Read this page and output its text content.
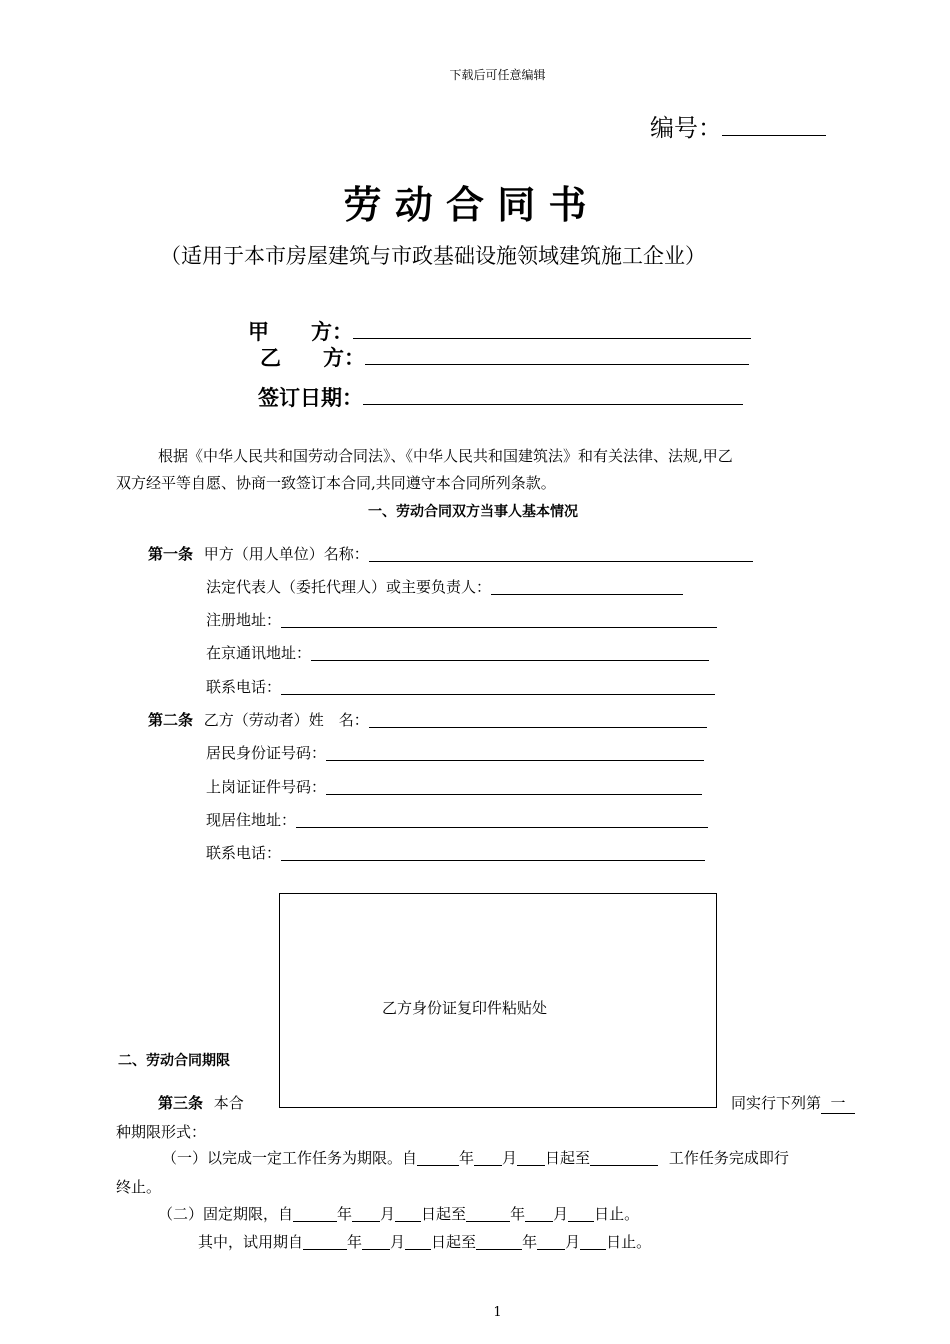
下载后可任意编辑
编号：
劳 动 合 同 书
（适用于本市房屋建筑与市政基础设施领域建筑施工企业）
甲　　方：
乙　　方：
签订日期：
根据《中华人民共和国劳动合同法》、《中华人民共和国建筑法》和有关法律、法规,甲乙
双方经平等自愿、协商一致签订本合同,共同遵守本合同所列条款。
一、劳动合同双方当事人基本情况
第一条 甲方（用人单位）名称：
法定代表人（委托代理人）或主要负责人：
注册地址：
在京通讯地址：
联系电话：
第二条 乙方（劳动者）姓　名：
居民身份证号码：
上岗证证件号码：
现居住地址：
联系电话：
乙方身份证复印件粘贴处
二、劳动合同期限
第三条 本合	同实行下列第 一
种期限形式：
（一）以完成一定工作任务为期限。自	年 月 日起至	工作任务完成即行
终止。
（二）固定期限，自	年 月 日起至	年 月 日止。
其中，试用期自	年 月 日起至	年 月 日止。
1
